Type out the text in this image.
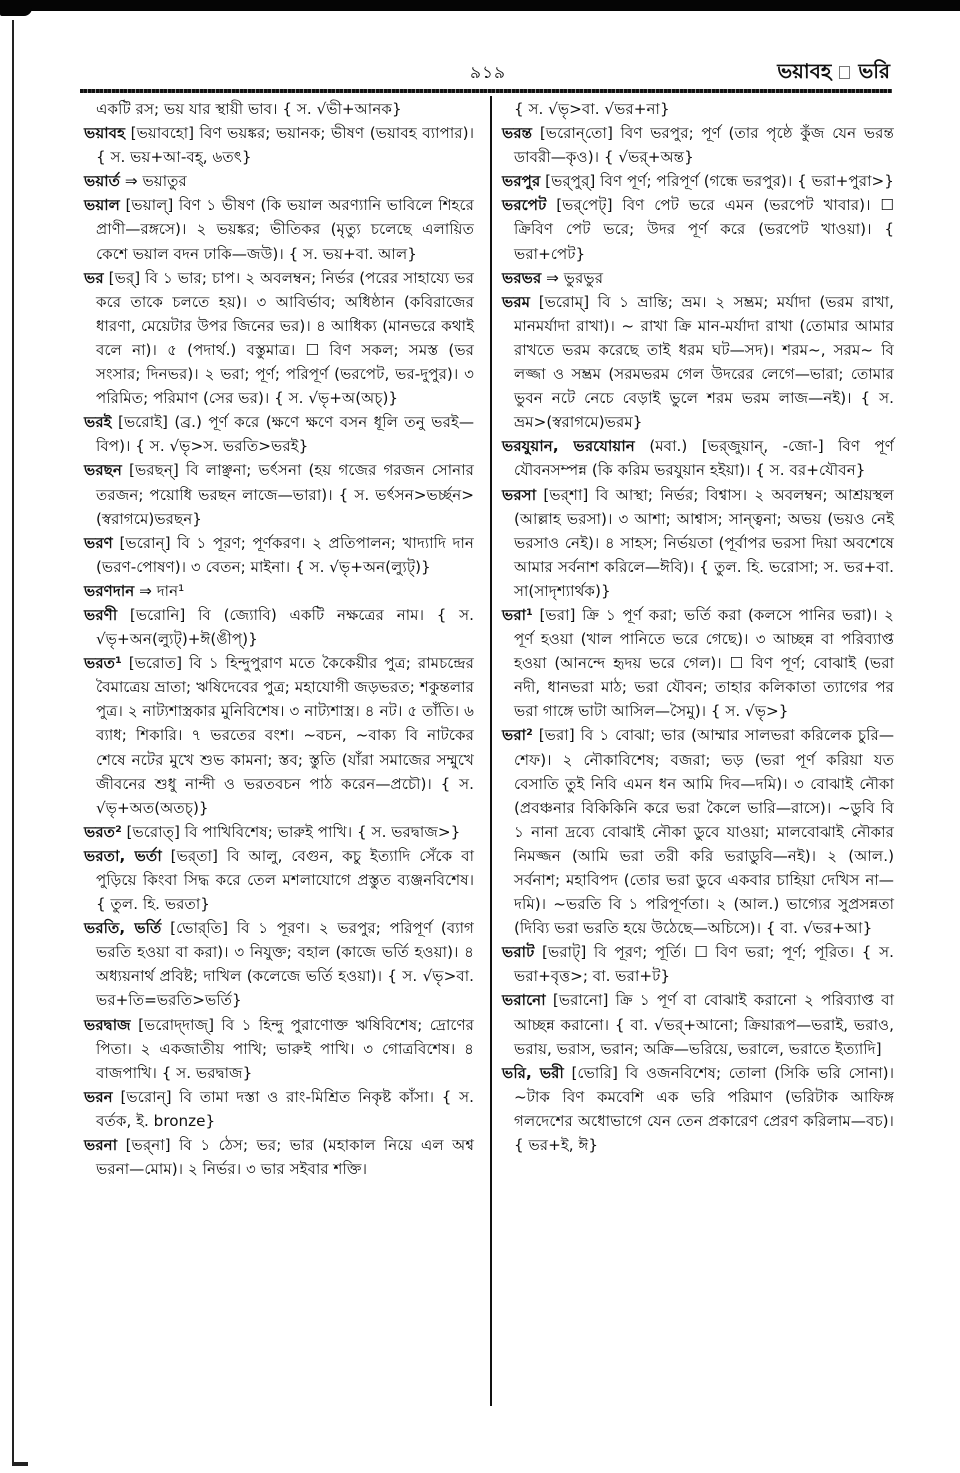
৯১৯	ভয়াবহ ভরি

একটি রস; ভয় যার স্থায়ী ভাব। { স. √ভী+আনক}

ভয়াবহ [ভয়াবহো] বিণ ভয়ঙ্কর; ভয়ানক; ভীষণ (ভয়াবহ ব্যাপার)। { স. ভয়+আ-বহ্‌, ৬তৎ}

ভয়ার্ত ⇒ ভয়াতুর

ভয়াল [ভয়াল্‌] বিণ ১ ভীষণ (কি ভয়াল অরণ্যানি ভাবিলে শিহরে প্রাণী—রঙ্গসে)। ২ ভয়ঙ্কর; ভীতিকর (মৃত্যু চলেছে এলায়িত কেশে ভয়াল বদন ঢাকি—জউ)। { স. ভয়+বা. আল}

ভর [ভর্‌] বি ১ ভার; চাপ। ২ অবলম্বন; নির্ভর (পরের সাহায্যে ভর করে তাকে চলতে হয়)। ৩ আবির্ভাব; অধিষ্ঠান (কবিরাজের ধারণা, মেয়েটার উপর জিনের ভর)। ৪ আধিক্য (মানভরে কথাই বলে না)। ৫ (পদার্থ.) বস্তুমাত্র। ☐ বিণ সকল; সমস্ত (ভর সংসার; দিনভর)। ২ ভরা; পূর্ণ; পরিপূর্ণ (ভরপেট, ভর-দুপুর)। ৩ পরিমিত; পরিমাণ (সের ভর)। { স. √ভৃ+অ(অচ্‌)}

ভরই [ভরোই] (ব্র.) পূর্ণ করে (ক্ষণে ক্ষণে বসন ধূলি তনু ভরই—বিপ)। { স. √ভৃ>স. ভরতি>ভরই}

ভরছন [ভরছন্‌] বি লাঞ্ছনা; ভর্ৎসনা (হয় গজের গরজন সোনার তরজন; পয়োধি ভরছন লাজে—ভারা)। { স. ভর্ৎসন>ভর্চ্ছন>(স্বরাগমে)ভরছন}

ভরণ [ভরোন্‌] বি ১ পূরণ; পূর্ণকরণ। ২ প্রতিপালন; খাদ্যাদি দান (ভরণ-পোষণ)। ৩ বেতন; মাইনা। { স. √ভৃ+অন(ল্যুট্‌)}

ভরণদান ⇒ দান¹

ভরণী [ভরোনি] বি (জ্যোবি) একটি নক্ষত্রের নাম। { স. √ভৃ+অন(ল্যুট্‌)+ঈ(ঙীপ্‌)}

ভরত¹ [ভরোত] বি ১ হিন্দুপুরাণ মতে কৈকেয়ীর পুত্র; রামচন্দ্রের বৈমাত্রেয় ভ্রাতা; ঋষিদেবের পুত্র; মহাযোগী জড়ভরত; শকুন্তলার পুত্র। ২ নাট্যশাস্ত্রকার মুনিবিশেষ। ৩ নাট্যশাস্ত্র। ৪ নট। ৫ তাঁতি। ৬ ব্যাধ; শিকারি। ৭ ভরতের বংশ। ~বচন, ~বাক্য বি নাটকের শেষে নটের মুখে শুভ কামনা; স্তব; স্তুতি (যাঁরা সমাজের সম্মুখে জীবনের শুধু নান্দী ও ভরতবচন পাঠ করেন—প্রচৌ)। { স. √ভৃ+অত(অতচ্‌)}

ভরত² [ভরোত্‌] বি পাখিবিশেষ; ভারুই পাখি। { স. ভরদ্বাজ>}

ভরতা, ভর্তা [ভর্‌তা] বি আলু, বেগুন, কচু ইত্যাদি সেঁকে বা পুড়িয়ে কিংবা সিদ্ধ করে তেল মশলাযোগে প্রস্তুত ব্যঞ্জনবিশেষ। { তুল. হি. ভরতা}

ভরতি, ভর্তি [ভোর্‌তি] বি ১ পূরণ। ২ ভরপুর; পরিপূর্ণ (ব্যাগ ভরতি হওয়া বা করা)। ৩ নিযুক্ত; বহাল (কাজে ভর্তি হওয়া)। ৪ অধ্যয়নার্থ প্রবিষ্ট; দাখিল (কলেজে ভর্তি হওয়া)। { স. √ভৃ>বা. ভর+তি=ভরতি>ভর্তি}

ভরদ্বাজ [ভরোদ্‌দাজ্‌] বি ১ হিন্দু পুরাণোক্ত ঋষিবিশেষ; দ্রোণের পিতা। ২ একজাতীয় পাখি; ভারুই পাখি। ৩ গোত্রবিশেষ। ৪ বাজপাখি। { স. ভরদ্বাজ}

ভরন [ভরোন্‌] বি তামা দস্তা ও রাং-মিশ্রিত নিকৃষ্ট কাঁসা। { স. বর্তক, ই. bronze}

ভরনা [ভর্‌না] বি ১ ঠেস; ভর; ভার (মহাকাল নিয়ে এল অশ্ব ভরনা—মোম)। ২ নির্ভর। ৩ ভার সইবার শক্তি।

{ স. √ভৃ>বা. √ভর+না}

ভরন্ত [ভরোন্‌তো] বিণ ভরপুর; পূর্ণ (তার পৃষ্ঠে কুঁজ যেন ভরন্ত ডাবরী—কৃও)। { √ভর্‌+অন্ত}

ভরপুর [ভর্‌পুর্‌] বিণ পূর্ণ; পরিপূর্ণ (গন্ধে ভরপুর)। { ভরা+পুরা>}

ভরপেট [ভর্‌পেট্‌] বিণ পেট ভরে এমন (ভরপেট খাবার)। ☐ ক্রিবিণ পেট ভরে; উদর পূর্ণ করে (ভরপেট খাওয়া)। { ভরা+পেট}

ভরভর ⇒ ভুরভুর

ভরম [ভরোম্‌] বি ১ ভ্রান্তি; ভ্রম। ২ সম্ভ্রম; মর্যাদা (ভরম রাখা, মানমর্যাদা রাখা)। ~ রাখা ক্রি মান-মর্যাদা রাখা (তোমার আমার রাখতে ভরম করেছে তাই ধরম ঘট—সদ)। শরম~, সরম~ বি লজ্জা ও সম্ভ্রম (সরমভরম গেল উদরের লেগে—ভারা; তোমার ভুবন নটে নেচে বেড়াই ভুলে শরম ভরম লাজ—নই)। { স. ভ্রম>(স্বরাগমে)ভরম}

ভরযুয়ান, ভরযোয়ান (মবা.) [ভর্‌জুয়ান্‌, -জো-] বিণ পূর্ণ যৌবনসম্পন্ন (কি করিম ভরযুয়ান হইয়া)। { স. বর+যৌবন}

ভরসা [ভর্‌শা] বি আস্থা; নির্ভর; বিশ্বাস। ২ অবলম্বন; আশ্রয়স্থল (আল্লাহ ভরসা)। ৩ আশা; আশ্বাস; সান্ত্বনা; অভয় (ভয়ও নেই ভরসাও নেই)। ৪ সাহস; নির্ভয়তা (পূর্বাপর ভরসা দিয়া অবশেষে আমার সর্বনাশ করিলে—ঈবি)। { তুল. হি. ভরোসা; স. ভর+বা. সা(সাদৃশ্যার্থক)}

ভরা¹ [ভরা] ক্রি ১ পূর্ণ করা; ভর্তি করা (কলসে পানির ভরা)। ২ পূর্ণ হওয়া (খাল পানিতে ভরে গেছে)। ৩ আচ্ছন্ন বা পরিব্যাপ্ত হওয়া (আনন্দে হৃদয় ভরে গেল)। ☐ বিণ পূর্ণ; বোঝাই (ভরা নদী, ধানভরা মাঠ; ভরা যৌবন; তাহার কলিকাতা ত্যাগের পর ভরা গাঙ্গে ভাটা আসিল—সৈমু)। { স. √ভৃ>}

ভরা² [ভরা] বি ১ বোঝা; ভার (আম্মার সালভরা করিলেক চুরি—শেফ)। ২ নৌকাবিশেষ; বজরা; ভড় (ভরা পূর্ণ করিয়া যত বেসাতি তুই নিবি এমন ধন আমি দিব—দমি)। ৩ বোঝাই নৌকা (প্রবঞ্চনার বিকিকিনি করে ভরা কৈলে ভারি—রাসে)। ~ডুবি বি ১ নানা দ্রব্যে বোঝাই নৌকা ডুবে যাওয়া; মালবোঝাই নৌকার নিমজ্জন (আমি ভরা তরী করি ভরাডুবি—নই)। ২ (আল.) সর্বনাশ; মহাবিপদ (তোর ভরা ডুবে একবার চাহিয়া দেখিস না—দমি)। ~ভরতি বি ১ পরিপূর্ণতা। ২ (আল.) ভাগ্যের সুপ্রসন্নতা (দিব্যি ভরা ভরতি হয়ে উঠেছে—অচিসে)। { বা. √ভর+আ}

ভরাট [ভরাট্‌] বি পূরণ; পূর্তি। ☐ বিণ ভরা; পূর্ণ; পূরিত। { স. ভরা+বৃত্ত>; বা. ভরা+ট}

ভরানো [ভরানো] ক্রি ১ পূর্ণ বা বোঝাই করানো ২ পরিব্যাপ্ত বা আচ্ছন্ন করানো। { বা. √ভর্‌+আনো; ক্রিয়ারূপ—ভরাই, ভরাও, ভরায়, ভরাস, ভরান; অক্রি—ভরিয়ে, ভরালে, ভরাতে ইত্যাদি]

ভরি, ভরী [ভোরি] বি ওজনবিশেষ; তোলা (সিকি ভরি সোনা)। ~টাক বিণ কমবেশি এক ভরি পরিমাণ (ভরিটাক আফিঙ্গ গলদেশের অধোভাগে যেন তেন প্রকারেণ প্রেরণ করিলাম—বচ)। { ভর+ই, ঈ}
